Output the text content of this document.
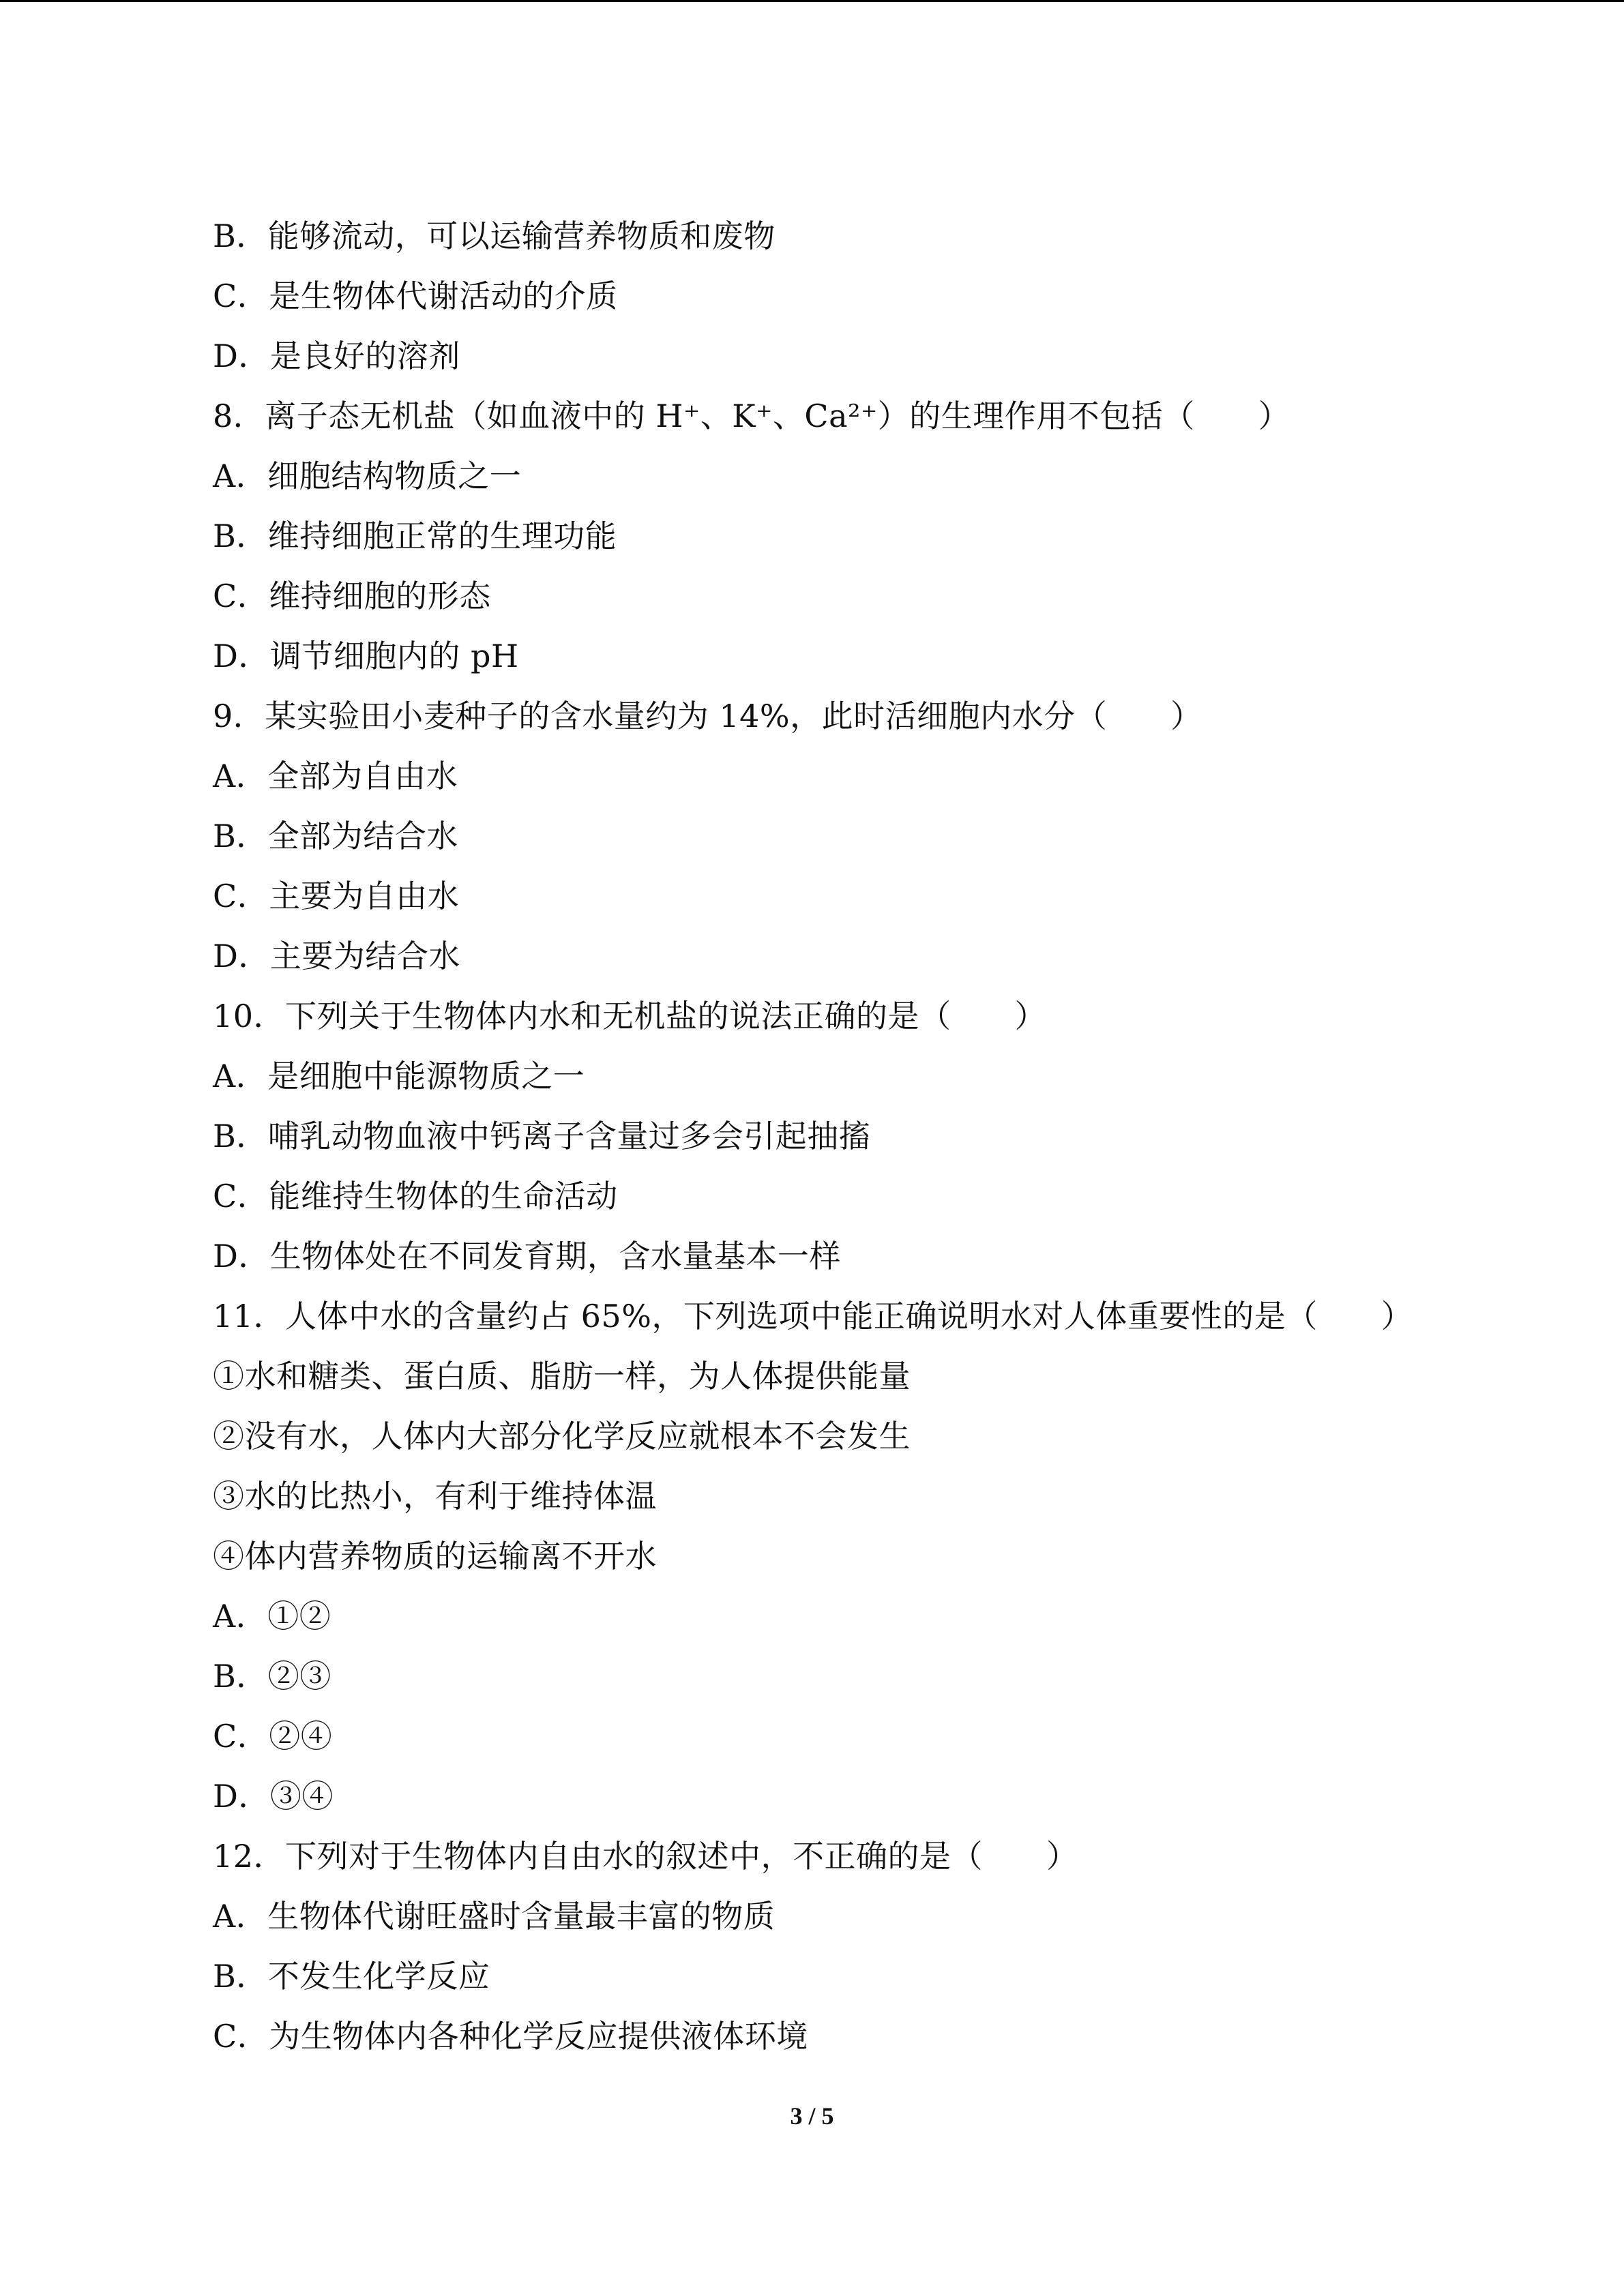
B．能够流动，可以运输营养物质和废物
C．是生物体代谢活动的介质
D．是良好的溶剂
8．离子态无机盐（如血液中的 H⁺、K⁺、Ca²⁺）的生理作用不包括（　　）
A．细胞结构物质之一
B．维持细胞正常的生理功能
C．维持细胞的形态
D．调节细胞内的 pH
9．某实验田小麦种子的含水量约为 14%，此时活细胞内水分（　　）
A．全部为自由水
B．全部为结合水
C．主要为自由水
D．主要为结合水
10．下列关于生物体内水和无机盐的说法正确的是（　　）
A．是细胞中能源物质之一
B．哺乳动物血液中钙离子含量过多会引起抽搐
C．能维持生物体的生命活动
D．生物体处在不同发育期，含水量基本一样
11．人体中水的含量约占 65%，下列选项中能正确说明水对人体重要性的是（　　）
①水和糖类、蛋白质、脂肪一样，为人体提供能量
②没有水，人体内大部分化学反应就根本不会发生
③水的比热小，有利于维持体温
④体内营养物质的运输离不开水
A．①②
B．②③
C．②④
D．③④
12．下列对于生物体内自由水的叙述中，不正确的是（　　）
A．生物体代谢旺盛时含量最丰富的物质
B．不发生化学反应
C．为生物体内各种化学反应提供液体环境
3 / 5
